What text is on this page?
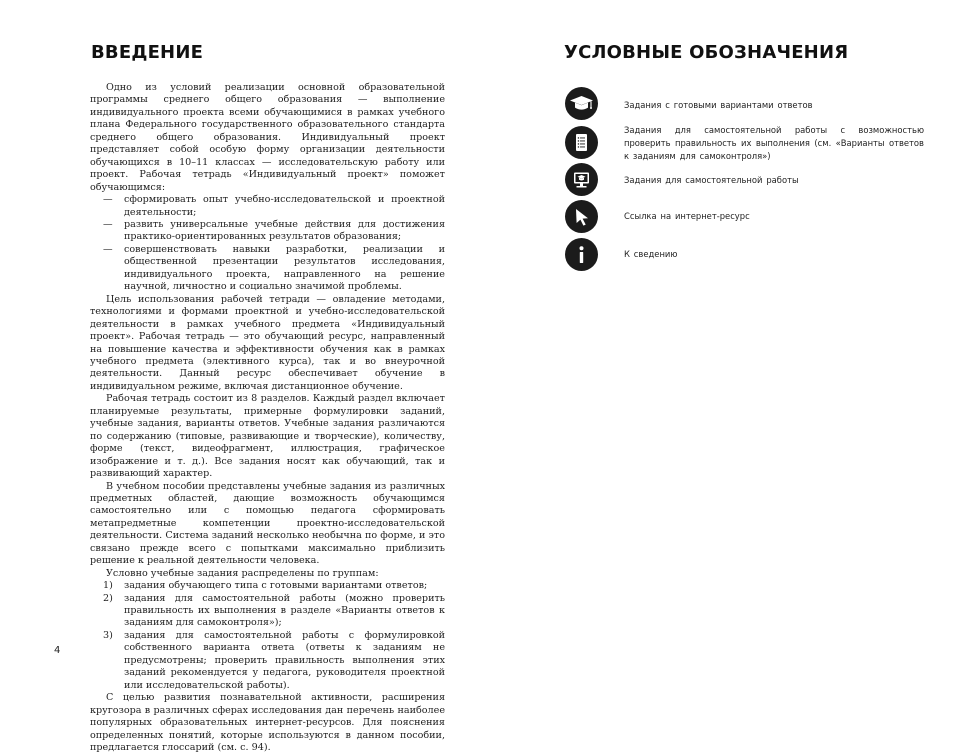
ВВЕДЕНИЕ

Одно из условий реализации основной образовательной программы среднего общего образования — выполнение индивидуального проекта всеми обучающимися в рамках учебного плана Федерального государственного образовательного стандарта среднего общего образования. Индивидуальный проект представляет собой особую форму организации деятельности обучающихся в 10–11 классах — исследовательскую работу или проект. Рабочая тетрадь «Индивидуальный проект» поможет обучающимся:

— сформировать опыт учебно-исследовательской и проектной деятельности;

— развить универсальные учебные действия для достижения практико-ориентированных результатов образования;

— совершенствовать навыки разработки, реализации и общественной презентации результатов исследования, индивидуального проекта, направленного на решение научной, личностно и социально значимой проблемы.

Цель использования рабочей тетради — овладение методами, технологиями и формами проектной и учебно-исследовательской деятельности в рамках учебного предмета «Индивидуальный проект». Рабочая тетрадь — это обучающий ресурс, направленный на повышение качества и эффективности обучения как в рамках учебного предмета (элективного курса), так и во внеурочной деятельности. Данный ресурс обеспечивает обучение в индивидуальном режиме, включая дистанционное обучение.

Рабочая тетрадь состоит из 8 разделов. Каждый раздел включает планируемые результаты, примерные формулировки заданий, учебные задания, варианты ответов. Учебные задания различаются по содержанию (типовые, развивающие и творческие), количеству, форме (текст, видеофрагмент, иллюстрация, графическое изображение и т. д.). Все задания носят как обучающий, так и развивающий характер.

В учебном пособии представлены учебные задания из различных предметных областей, дающие возможность обучающимся самостоятельно или с помощью педагога сформировать метапредметные компетенции проектно-исследовательской деятельности. Система заданий несколько необычна по форме, и это связано прежде всего с попытками максимально приблизить решение к реальной деятельности человека.

Условно учебные задания распределены по группам:

1) задания обучающего типа с готовыми вариантами ответов;

2) задания для самостоятельной работы (можно проверить правильность их выполнения в разделе «Варианты ответов к заданиям для самоконтроля»);

3) задания для самостоятельной работы с формулировкой собственного варианта ответа (ответы к заданиям не предусмотрены; проверить правильность выполнения этих заданий рекомендуется у педагога, руководителя проектной или исследовательской работы).

С целью развития познавательной активности, расширения кругозора в различных сферах исследования дан перечень наиболее популярных образовательных интернет-ресурсов. Для пояснения определенных понятий, которые используются в данном пособии, предлагается глоссарий (см. с. 94).

4
УСЛОВНЫЕ ОБОЗНАЧЕНИЯ
Задания с готовыми вариантами ответов
Задания для самостоятельной работы с возможностью проверить правильность их выполнения (см. «Варианты ответов к заданиям для самоконтроля»)
Задания для самостоятельной работы
Ссылка на интернет-ресурс
К сведению
